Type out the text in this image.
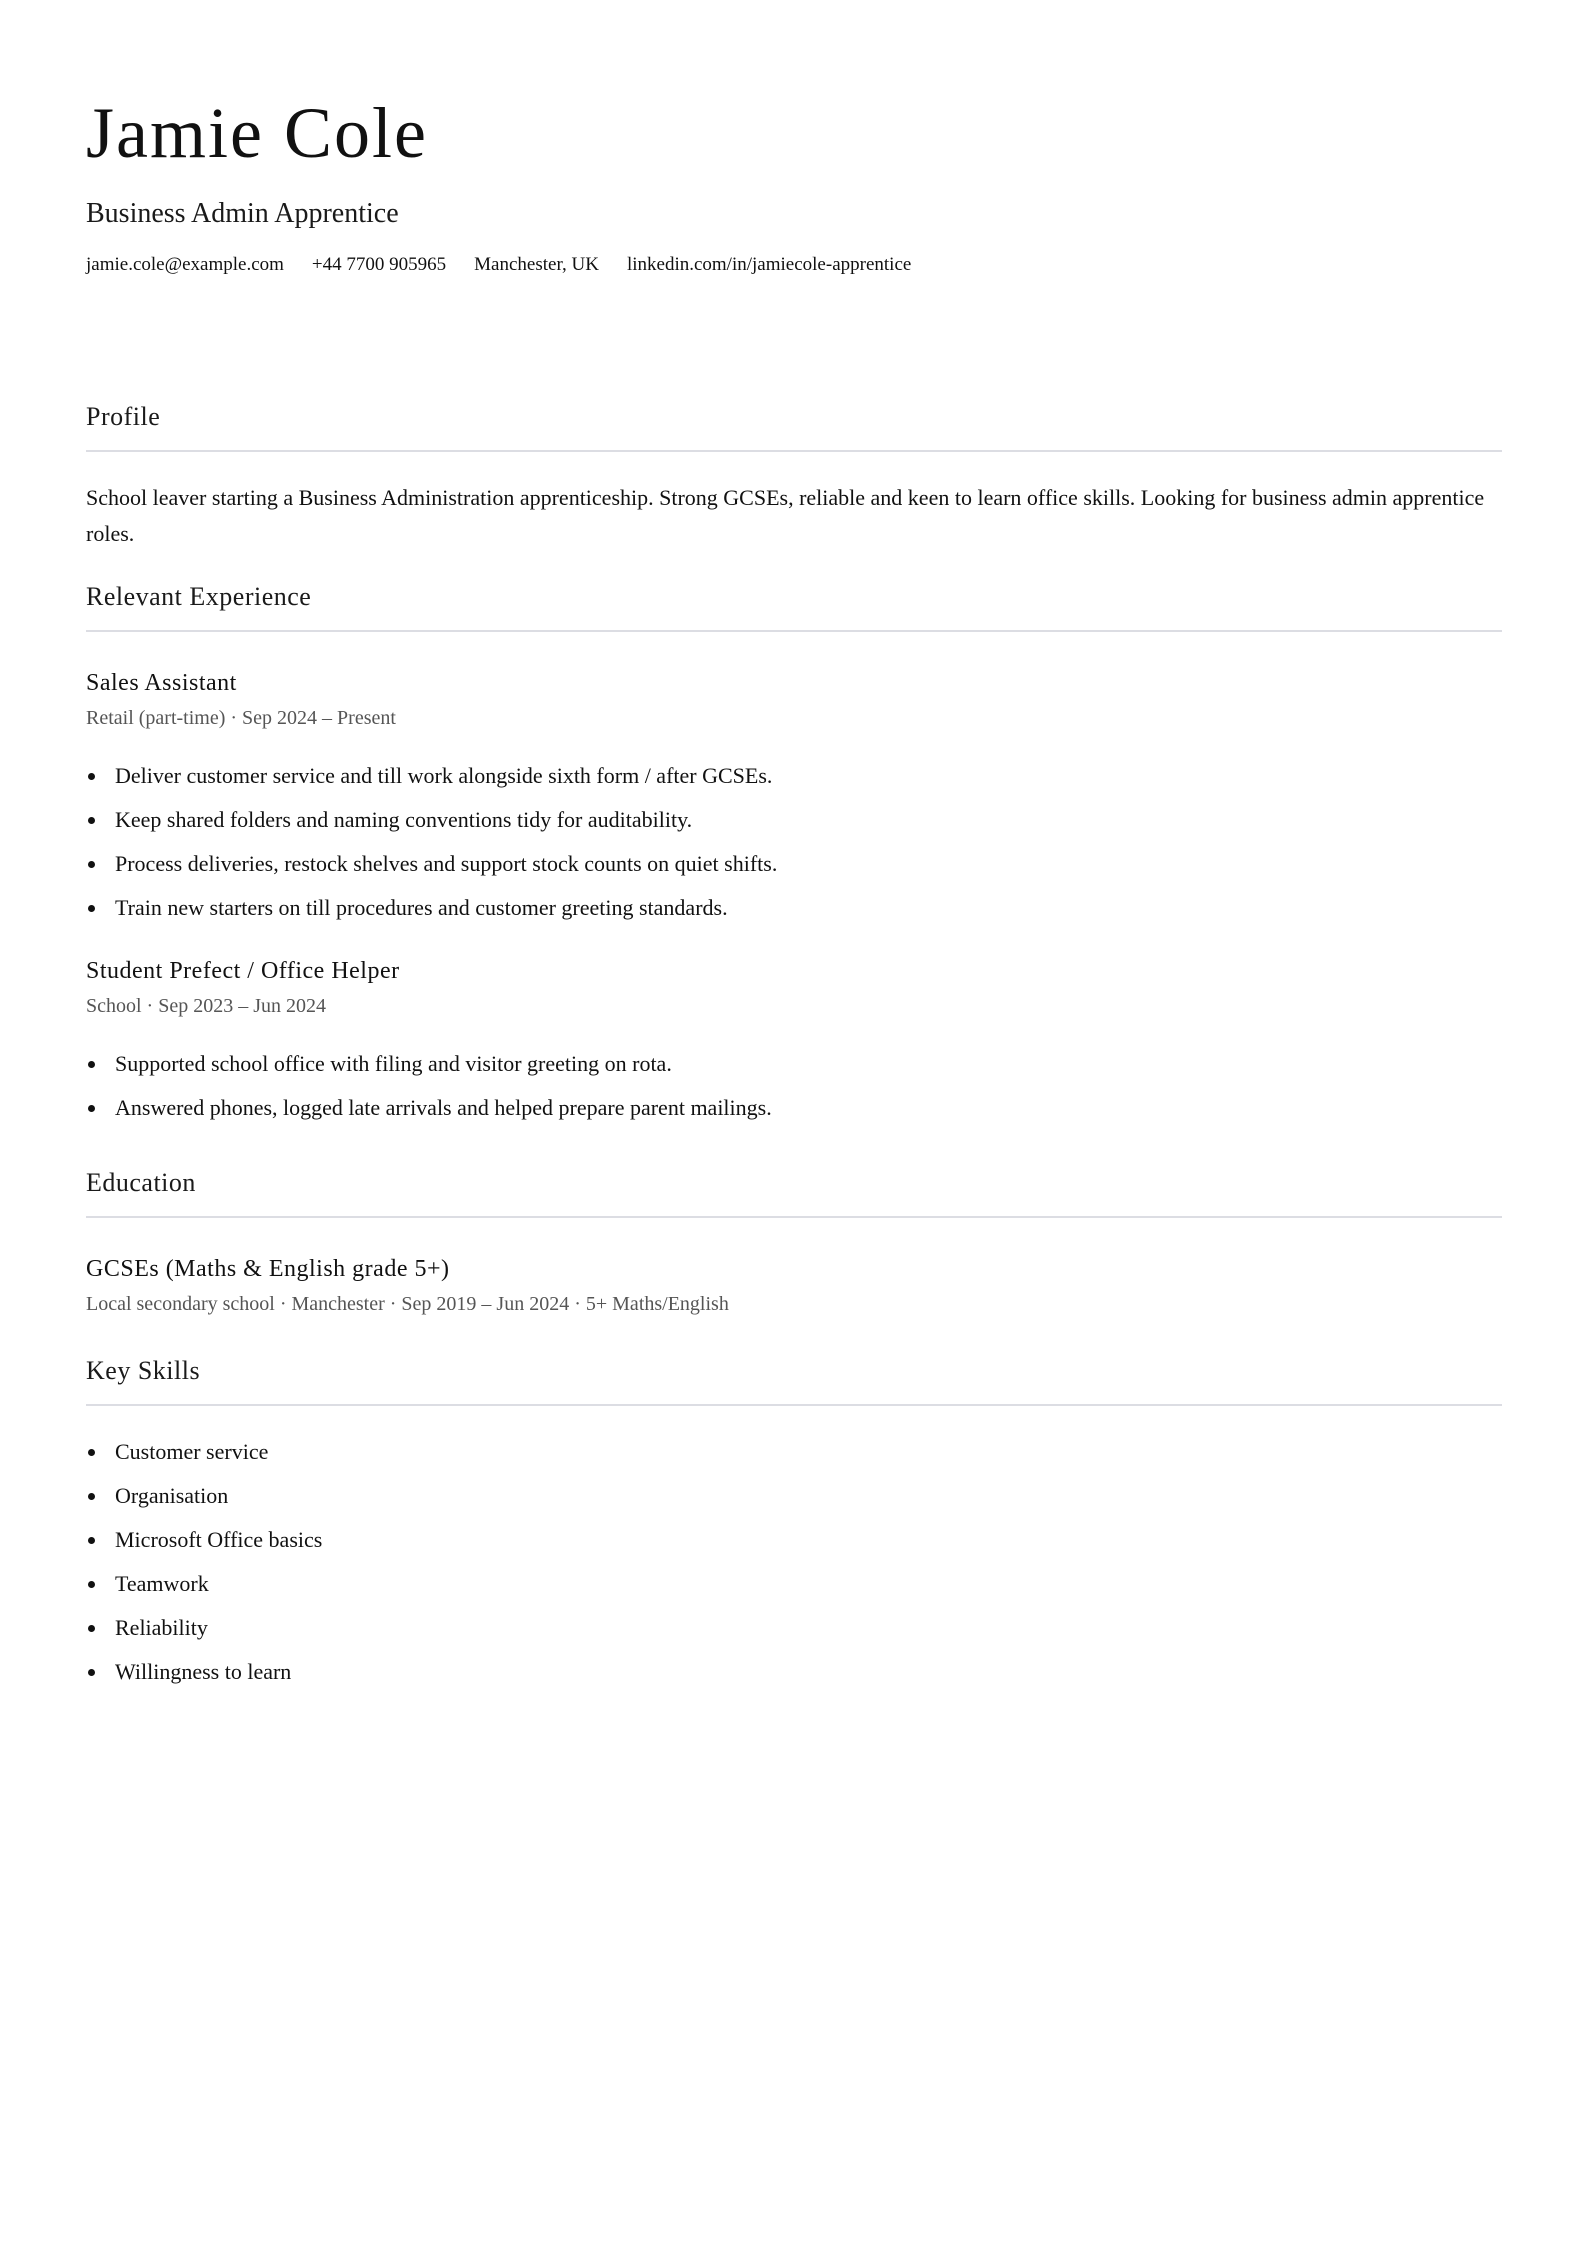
Jamie Cole
Business Admin Apprentice
jamie.cole@example.com +44 7700 905965 Manchester, UK linkedin.com/in/jamiecole-apprentice
Profile
School leaver starting a Business Administration apprenticeship. Strong GCSEs, reliable and keen to learn office skills. Looking for business admin apprentice roles.
Relevant Experience
Sales Assistant
Retail (part-time) · Sep 2024 – Present
Deliver customer service and till work alongside sixth form / after GCSEs.
Keep shared folders and naming conventions tidy for auditability.
Process deliveries, restock shelves and support stock counts on quiet shifts.
Train new starters on till procedures and customer greeting standards.
Student Prefect / Office Helper
School · Sep 2023 – Jun 2024
Supported school office with filing and visitor greeting on rota.
Answered phones, logged late arrivals and helped prepare parent mailings.
Education
GCSEs (Maths & English grade 5+)
Local secondary school · Manchester · Sep 2019 – Jun 2024 · 5+ Maths/English
Key Skills
Customer service
Organisation
Microsoft Office basics
Teamwork
Reliability
Willingness to learn
